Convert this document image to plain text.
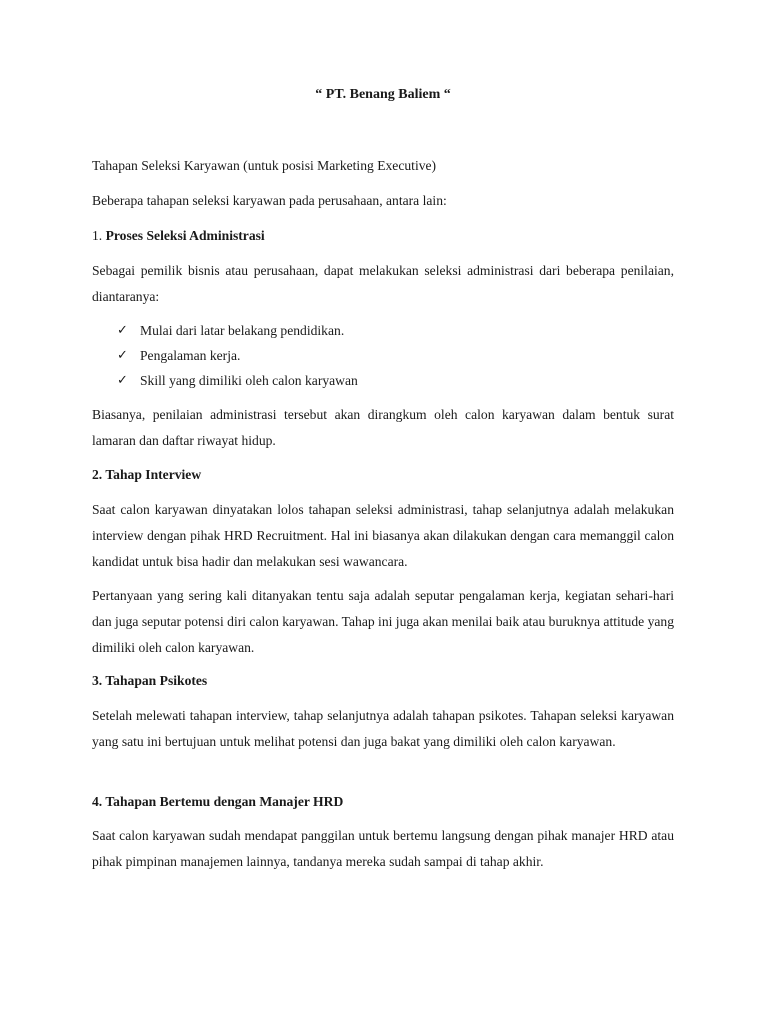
“ PT. Benang Baliem “

Tahapan Seleksi Karyawan (untuk posisi Marketing Executive)

Beberapa tahapan seleksi karyawan pada perusahaan, antara lain:

1. Proses Seleksi Administrasi

Sebagai pemilik bisnis atau perusahaan, dapat melakukan seleksi administrasi dari beberapa penilaian, diantaranya:

✓ Mulai dari latar belakang pendidikan.
✓ Pengalaman kerja.
✓ Skill yang dimiliki oleh calon karyawan

Biasanya, penilaian administrasi tersebut akan dirangkum oleh calon karyawan dalam bentuk surat lamaran dan daftar riwayat hidup.

2. Tahap Interview

Saat calon karyawan dinyatakan lolos tahapan seleksi administrasi, tahap selanjutnya adalah melakukan interview dengan pihak HRD Recruitment. Hal ini biasanya akan dilakukan dengan cara memanggil calon kandidat untuk bisa hadir dan melakukan sesi wawancara.

Pertanyaan yang sering kali ditanyakan tentu saja adalah seputar pengalaman kerja, kegiatan sehari-hari dan juga seputar potensi diri calon karyawan. Tahap ini juga akan menilai baik atau buruknya attitude yang dimiliki oleh calon karyawan.

3. Tahapan Psikotes

Setelah melewati tahapan interview, tahap selanjutnya adalah tahapan psikotes. Tahapan seleksi karyawan yang satu ini bertujuan untuk melihat potensi dan juga bakat yang dimiliki oleh calon karyawan.

4. Tahapan Bertemu dengan Manajer HRD

Saat calon karyawan sudah mendapat panggilan untuk bertemu langsung dengan pihak manajer HRD atau pihak pimpinan manajemen lainnya, tandanya mereka sudah sampai di tahap akhir.
